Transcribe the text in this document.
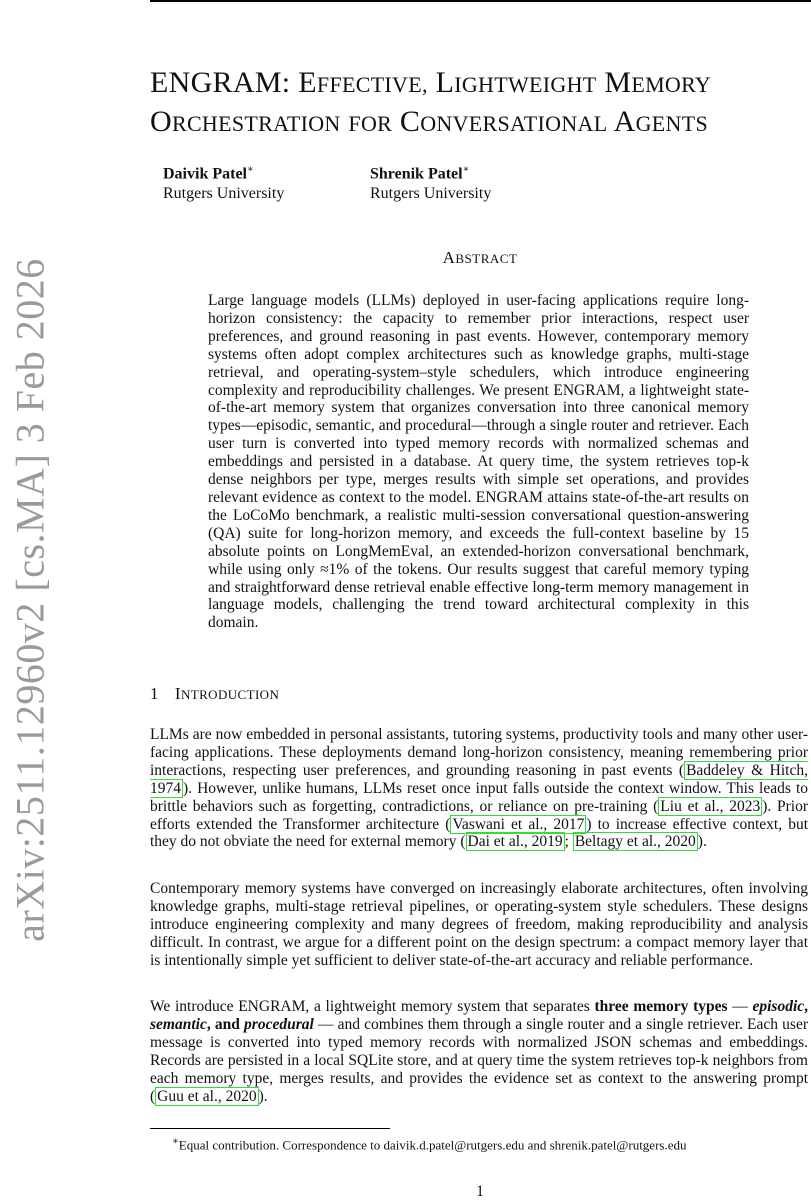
arXiv:2511.12960v2 [cs.MA] 3 Feb 2026
ENGRAM: EFFECTIVE, LIGHTWEIGHT MEMORY ORCHESTRATION FOR CONVERSATIONAL AGENTS
Daivik Patel∗
Rutgers University
Shrenik Patel∗
Rutgers University
ABSTRACT

Large language models (LLMs) deployed in user-facing applications require long-horizon consistency: the capacity to remember prior interactions, respect user preferences, and ground reasoning in past events. However, contemporary memory systems often adopt complex architectures such as knowledge graphs, multi-stage retrieval, and operating-system–style schedulers, which introduce engineering complexity and reproducibility challenges. We present ENGRAM, a lightweight state-of-the-art memory system that organizes conversation into three canonical memory types—episodic, semantic, and procedural—through a single router and retriever. Each user turn is converted into typed memory records with normalized schemas and embeddings and persisted in a database. At query time, the system retrieves top-k dense neighbors per type, merges results with simple set operations, and provides relevant evidence as context to the model. ENGRAM attains state-of-the-art results on the LoCoMo benchmark, a realistic multi-session conversational question-answering (QA) suite for long-horizon memory, and exceeds the full-context baseline by 15 absolute points on LongMemEval, an extended-horizon conversational benchmark, while using only ≈1% of the tokens. Our results suggest that careful memory typing and straightforward dense retrieval enable effective long-term memory management in language models, challenging the trend toward architectural complexity in this domain.

1 INTRODUCTION

LLMs are now embedded in personal assistants, tutoring systems, productivity tools and many other user-facing applications. These deployments demand long-horizon consistency, meaning remembering prior interactions, respecting user preferences, and grounding reasoning in past events ( Baddeley & Hitch, 1974 ). However, unlike humans, LLMs reset once input falls outside the context window. This leads to brittle behaviors such as forgetting, contradictions, or reliance on pre-training ( Liu et al., 2023 ). Prior efforts extended the Transformer architecture ( Vaswani et al., 2017 ) to increase effective context, but they do not obviate the need for external memory ( Dai et al., 2019 ; Beltagy et al., 2020 ).

Contemporary memory systems have converged on increasingly elaborate architectures, often involving knowledge graphs, multi-stage retrieval pipelines, or operating-system style schedulers. These designs introduce engineering complexity and many degrees of freedom, making reproducibility and analysis difficult. In contrast, we argue for a different point on the design spectrum: a compact memory layer that is intentionally simple yet sufficient to deliver state-of-the-art accuracy and reliable performance.

We introduce ENGRAM, a lightweight memory system that separates three memory types — episodic, semantic, and procedural — and combines them through a single router and a single retriever. Each user message is converted into typed memory records with normalized JSON schemas and embeddings. Records are persisted in a local SQLite store, and at query time the system retrieves top-k neighbors from each memory type, merges results, and provides the evidence set as context to the answering prompt ( Guu et al., 2020 ).

∗Equal contribution. Correspondence to daivik.d.patel@rutgers.edu and shrenik.patel@rutgers.edu

1
